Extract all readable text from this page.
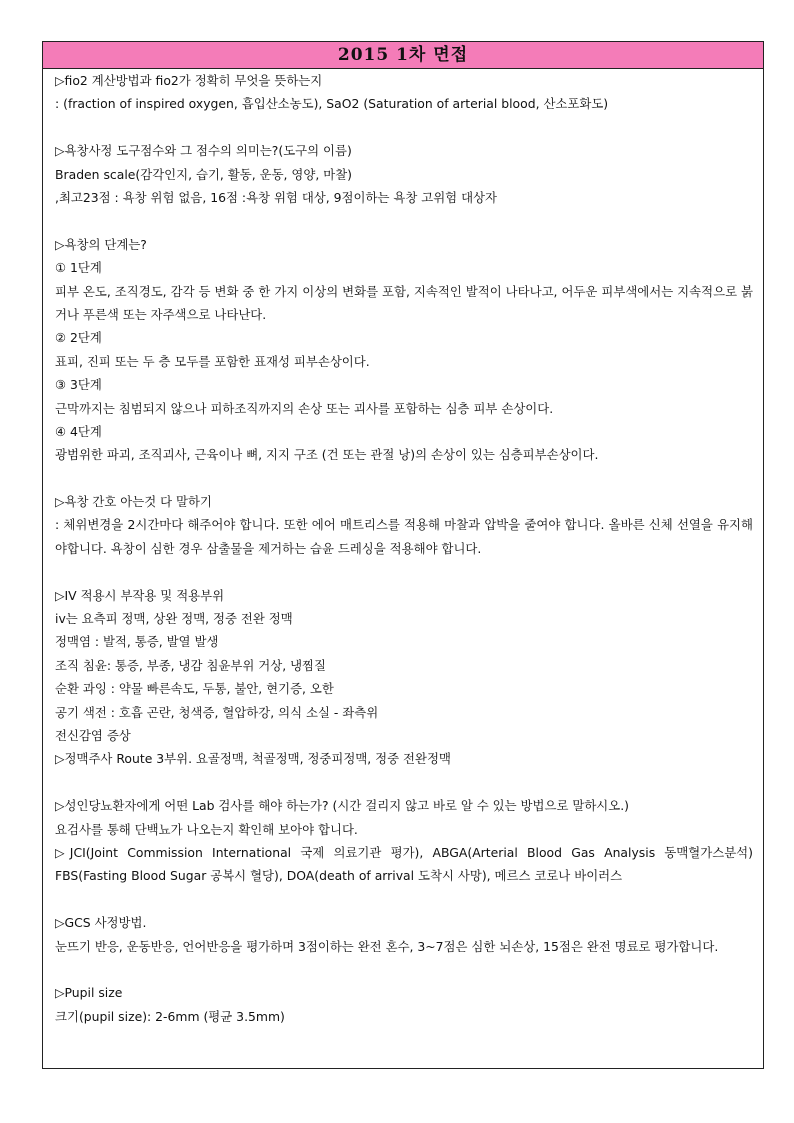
2015 1차 면접
▷fio2 계산방법과 fio2가 정확히 무엇을 뜻하는지
: (fraction of inspired oxygen, 흡입산소농도), SaO2 (Saturation of arterial blood, 산소포화도)
▷욕창사정 도구점수와 그 점수의 의미는?(도구의 이름)
Braden scale(감각인지, 습기, 활동, 운동, 영양, 마찰)
,최고23점 : 욕창 위험 없음, 16점 :욕창 위험 대상, 9점이하는 욕창 고위험 대상자
▷욕창의 단계는?
① 1단계
피부 온도, 조직경도, 감각 등 변화 중 한 가지 이상의 변화를 포함, 지속적인 발적이 나타나고, 어두운 피부색에서는 지속적으로 붉거나 푸른색 또는 자주색으로 나타난다.
② 2단계
표피, 진피 또는 두 층 모두를 포함한 표재성 피부손상이다.
③ 3단계
근막까지는 침범되지 않으나 피하조직까지의 손상 또는 괴사를 포함하는 심층 피부 손상이다.
④ 4단계
광범위한 파괴, 조직괴사, 근육이나 뼈, 지지 구조 (건 또는 관절 낭)의 손상이 있는 심층피부손상이다.
▷욕창 간호 아는것 다 말하기
: 체위변경을 2시간마다 해주어야 합니다. 또한 에어 매트리스를 적용해 마찰과 압박을 줄여야 합니다. 올바른 신체 선열을 유지해야합니다. 욕창이 심한 경우 삼출물을 제거하는 습윤 드레싱을 적용해야 합니다.
▷IV 적용시 부작용 및 적용부위
iv는 요측피 정맥, 상완 정맥, 정중 전완 정맥
정맥염 : 발적, 통증, 발열 발생
조직 침윤: 통증, 부종, 냉감 침윤부위 거상, 냉찜질
순환 과잉 : 약물 빠른속도, 두통, 불안, 현기증, 오한
공기 색전 : 호흡 곤란, 청색증, 혈압하강, 의식 소실 - 좌측위
전신감염 증상
▷정맥주사 Route 3부위. 요골정맥, 척골정맥, 정중피정맥, 정중 전완정맥
▷성인당뇨환자에게 어떤 Lab 검사를 해야 하는가? (시간 걸리지 않고 바로 알 수 있는 방법으로 말하시오.)
요검사를 통해 단백뇨가 나오는지 확인해 보아야 합니다.
▷JCI(Joint Commission International 국제 의료기관 평가), ABGA(Arterial Blood Gas Analysis 동맥혈가스분석) FBS(Fasting Blood Sugar 공복시 혈당), DOA(death of arrival 도착시 사망), 메르스 코로나 바이러스
▷GCS 사정방법.
눈뜨기 반응, 운동반응, 언어반응을 평가하며 3점이하는 완전 혼수, 3~7점은 심한 뇌손상, 15점은 완전 명료로 평가합니다.
▷Pupil size
크기(pupil size): 2-6mm (평균 3.5mm)
